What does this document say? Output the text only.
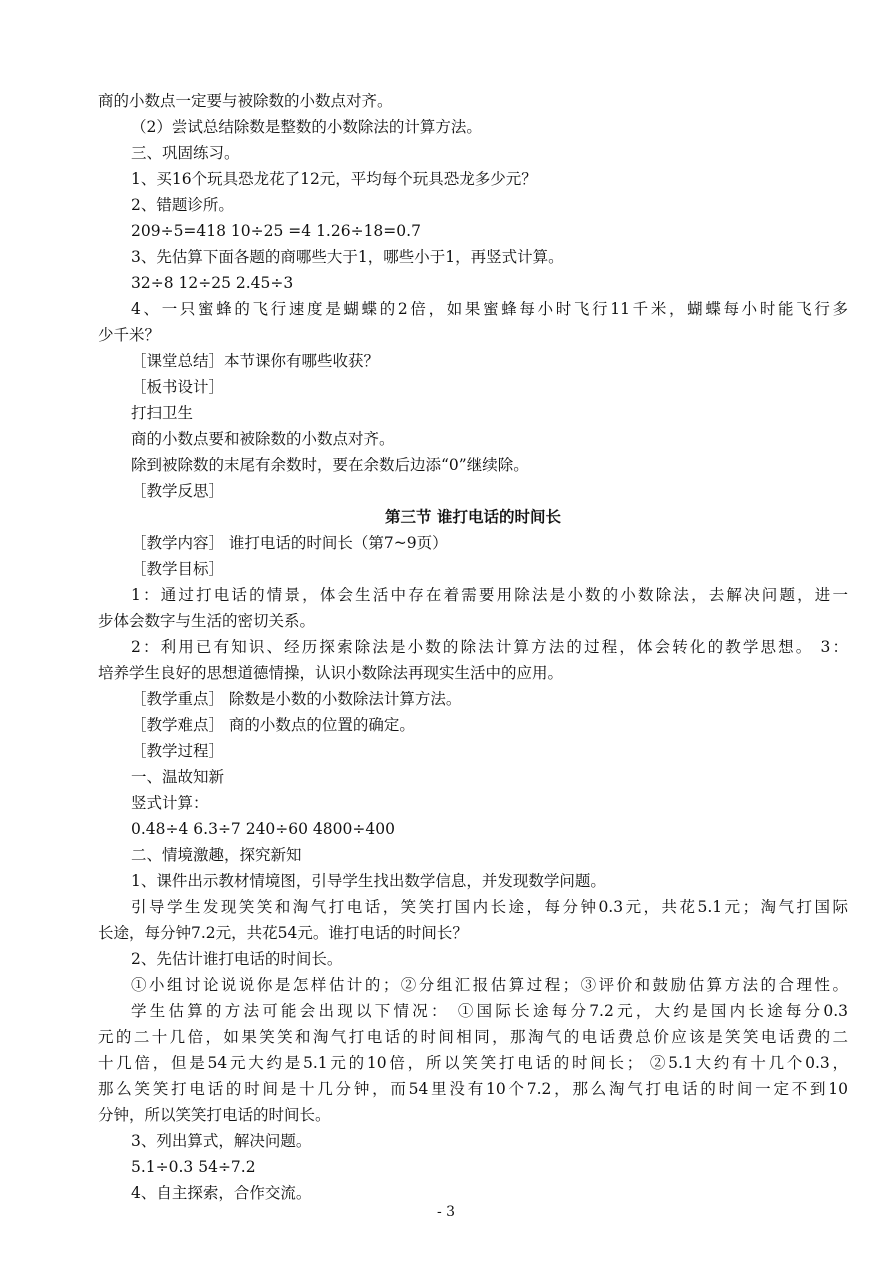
商的小数点一定要与被除数的小数点对齐。
（2）尝试总结除数是整数的小数除法的计算方法。
三、巩固练习。
1、买16个玩具恐龙花了12元，平均每个玩具恐龙多少元？
2、错题诊所。
209÷5=418 10÷25 =4 1.26÷18=0.7
3、先估算下面各题的商哪些大于1，哪些小于1，再竖式计算。
32÷8 12÷25 2.45÷3
4、一只蜜蜂的飞行速度是蝴蝶的2倍，如果蜜蜂每小时飞行11千米，蝴蝶每小时能飞行多
少千米？
［课堂总结］本节课你有哪些收获？
［板书设计］
打扫卫生
商的小数点要和被除数的小数点对齐。
除到被除数的末尾有余数时，要在余数后边添“0”继续除。
［教学反思］
第三节 谁打电话的时间长
［教学内容］ 谁打电话的时间长（第7~9页）
［教学目标］
1：通过打电话的情景，体会生活中存在着需要用除法是小数的小数除法，去解决问题，进一
步体会数字与生活的密切关系。
2：利用已有知识、经历探索除法是小数的除法计算方法的过程，体会转化的教学思想。 3：
培养学生良好的思想道德情操，认识小数除法再现实生活中的应用。
［教学重点］ 除数是小数的小数除法计算方法。
［教学难点］ 商的小数点的位置的确定。
［教学过程］
一、温故知新
竖式计算：
0.48÷4 6.3÷7 240÷60 4800÷400
二、情境激趣，探究新知
1、课件出示教材情境图，引导学生找出数学信息，并发现数学问题。
引导学生发现笑笑和淘气打电话，笑笑打国内长途，每分钟0.3元，共花5.1元；淘气打国际
长途，每分钟7.2元，共花54元。谁打电话的时间长？
2、先估计谁打电话的时间长。
①小组讨论说说你是怎样估计的；②分组汇报估算过程；③评价和鼓励估算方法的合理性。
学生估算的方法可能会出现以下情况： ①国际长途每分7.2元，大约是国内长途每分0.3
元的二十几倍，如果笑笑和淘气打电话的时间相同，那淘气的电话费总价应该是笑笑电话费的二
十几倍，但是54元大约是5.1元的10倍，所以笑笑打电话的时间长； ②5.1大约有十几个0.3，
那么笑笑打电话的时间是十几分钟，而54里没有10个7.2，那么淘气打电话的时间一定不到10
分钟，所以笑笑打电话的时间长。
3、列出算式，解决问题。
5.1÷0.3 54÷7.2
4、自主探索，合作交流。
- 3
